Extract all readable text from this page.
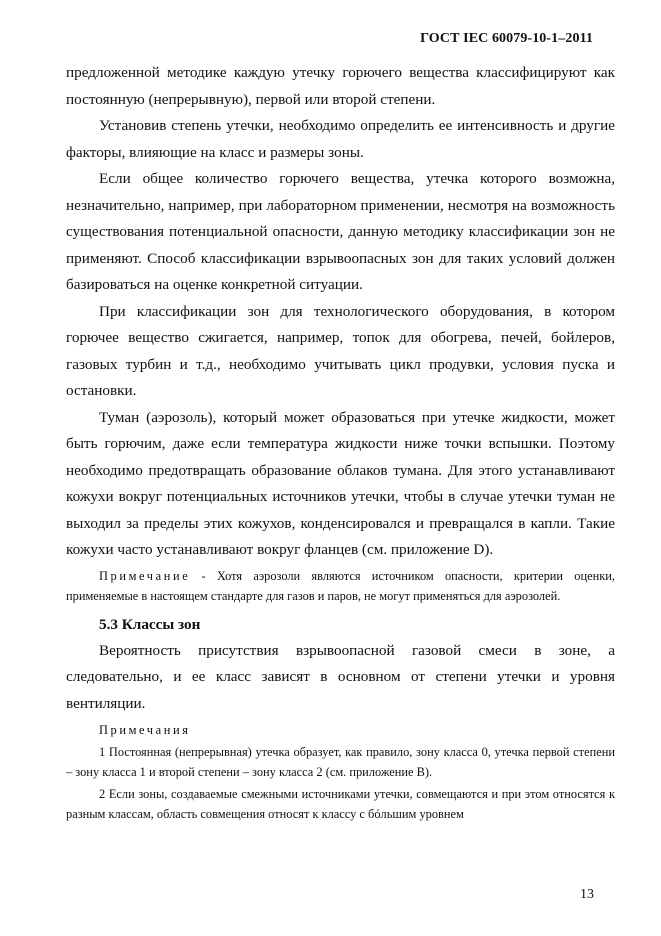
ГОСТ IEC 60079-10-1–2011

предложенной методике каждую утечку горючего вещества классифицируют как постоянную (непрерывную), первой или второй степени.

Установив степень утечки, необходимо определить ее интенсивность и другие факторы, влияющие на класс и размеры зоны.

Если общее количество горючего вещества, утечка которого возможна, незначительно, например, при лабораторном применении, несмотря на возможность существования потенциальной опасности, данную методику классификации зон не применяют. Способ классификации взрывоопасных зон для таких условий должен базироваться на оценке конкретной ситуации.

При классификации зон для технологического оборудования, в котором горючее вещество сжигается, например, топок для обогрева, печей, бойлеров, газовых турбин и т.д., необходимо учитывать цикл продувки, условия пуска и остановки.

Туман (аэрозоль), который может образоваться при утечке жидкости, может быть горючим, даже если температура жидкости ниже точки вспышки. Поэтому необходимо предотвращать образование облаков тумана. Для этого устанавливают кожухи вокруг потенциальных источников утечки, чтобы в случае утечки туман не выходил за пределы этих кожухов, конденсировался и превращался в капли. Такие кожухи часто устанавливают вокруг фланцев (см. приложение D).

Примечание - Хотя аэрозоли являются источником опасности, критерии оценки, применяемые в настоящем стандарте для газов и паров, не могут применяться для аэрозолей.

5.3 Классы зон

Вероятность присутствия взрывоопасной газовой смеси в зоне, а следовательно, и ее класс зависят в основном от степени утечки и уровня вентиляции.

Примечания

1 Постоянная (непрерывная) утечка образует, как правило, зону класса 0, утечка первой степени – зону класса 1 и второй степени – зону класса 2 (см. приложение В).

2 Если зоны, создаваемые смежными источниками утечки, совмещаются и при этом относятся к разным классам, область совмещения относят к классу с бóльшим уровнем

13
